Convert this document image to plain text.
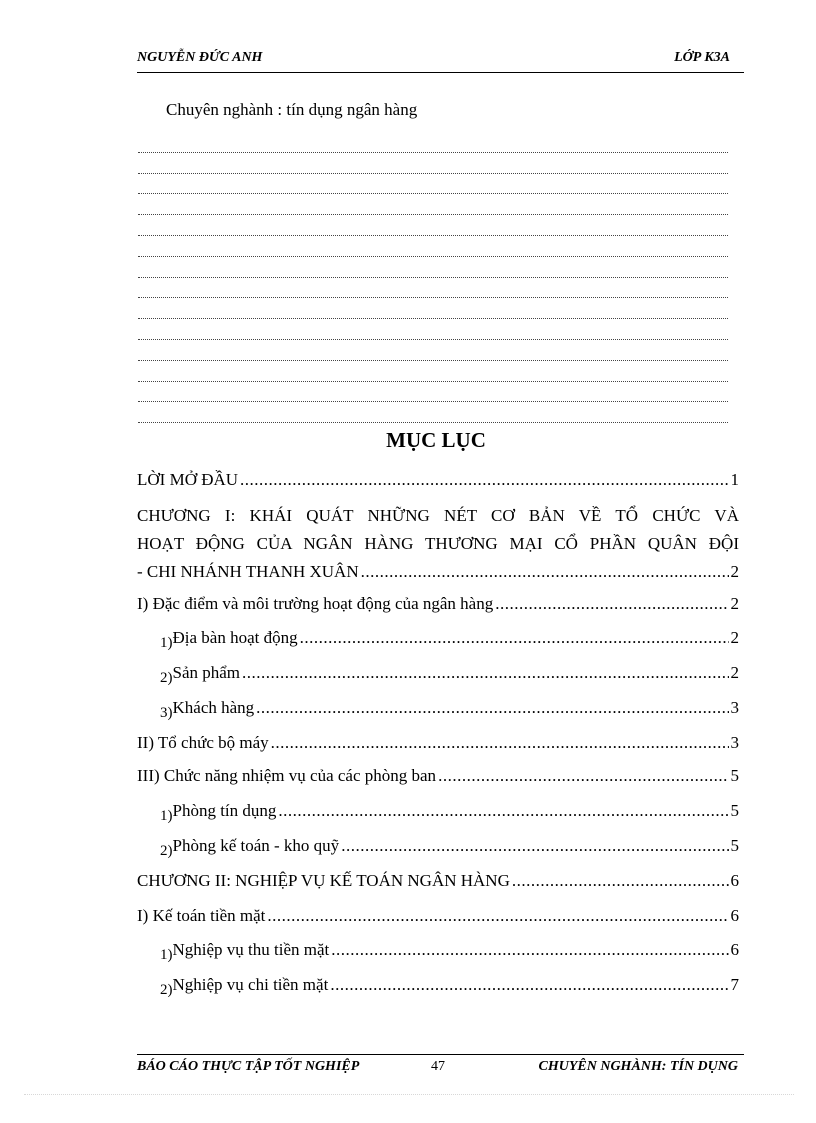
NGUYỄN ĐỨC ANH	LỚP K3A
Chuyên nghành : tín dụng ngân hàng
MỤC LỤC
LỜI MỞ ĐẦU .....	1
CHƯƠNG I: KHÁI QUÁT NHỮNG NÉT CƠ BẢN VỀ TỔ CHỨC VÀ
HOẠT ĐỘNG CỦA NGÂN HÀNG THƯƠNG MẠI CỔ PHẦN QUÂN ĐỘI
- CHI NHÁNH THANH XUÂN .....	2
I) Đặc điểm và môi trường hoạt động của ngân hàng .....	2
1) Địa bàn hoạt động .....	2
2) Sản phẩm .....	2
3) Khách hàng .....	3
II) Tổ chức bộ máy .....	3
III) Chức năng nhiệm vụ của các phòng ban .....	5
1) Phòng tín dụng .....	5
2) Phòng kế toán - kho quỹ .....	5
CHƯƠNG II: NGHIỆP VỤ KẾ TOÁN NGÂN HÀNG .....	6
I) Kế toán tiền mặt .....	6
1) Nghiệp vụ thu tiền mặt .....	6
2) Nghiệp vụ chi tiền mặt .....	7
BÁO CÁO THỰC TẬP TỐT NGHIỆP	47	CHUYÊN NGHÀNH: TÍN DỤNG
